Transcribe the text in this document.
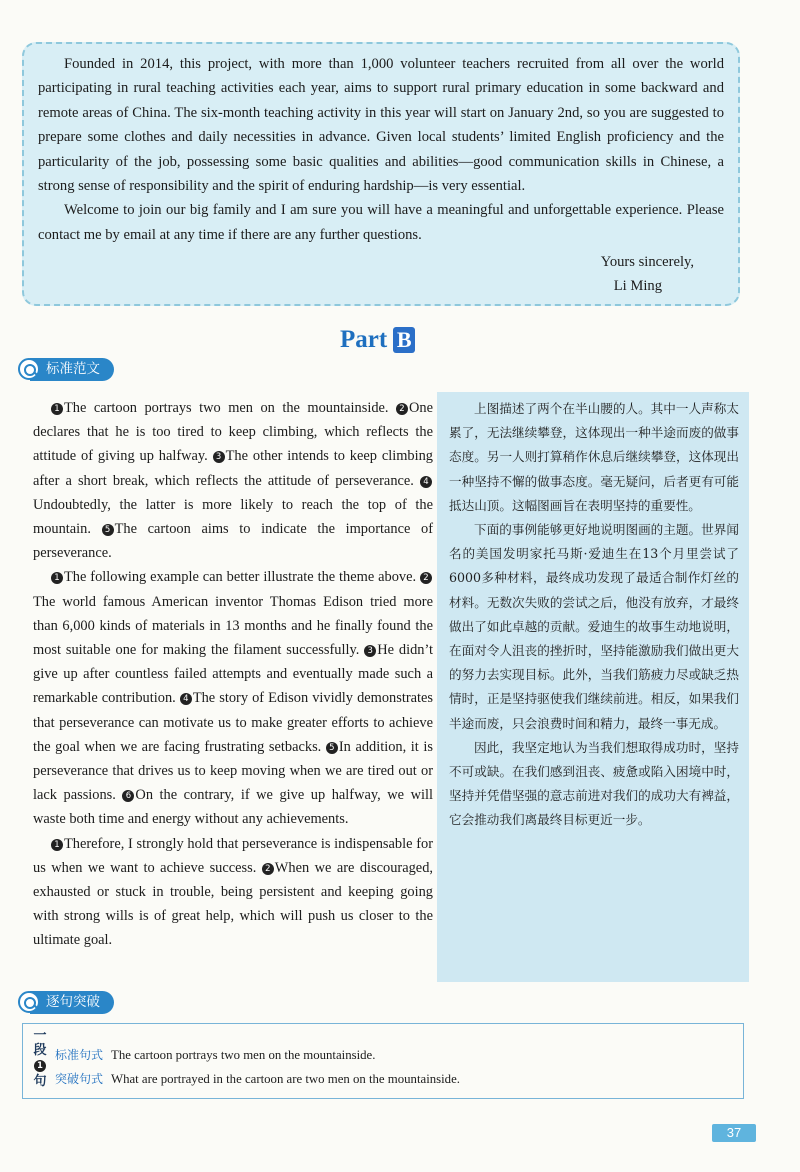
Founded in 2014, this project, with more than 1,000 volunteer teachers recruited from all over the world participating in rural teaching activities each year, aims to support rural primary education in some backward and remote areas of China. The six-month teaching activity in this year will start on January 2nd, so you are suggested to prepare some clothes and daily necessities in advance. Given local students’ limited English proficiency and the particularity of the job, possessing some basic qualities and abilities—good communication skills in Chinese, a strong sense of responsibility and the spirit of enduring hardship—is very essential.

Welcome to join our big family and I am sure you will have a meaningful and unforgettable experience. Please contact me by email at any time if there are any further questions.

Yours sincerely,
Li Ming
Part B
标准范文

1 The cartoon portrays two men on the mountainside. 2 One declares that he is too tired to keep climbing, which reflects the attitude of giving up halfway. 3 The other intends to keep climbing after a short break, which reflects the attitude of perseverance. 4Undoubtedly, the latter is more likely to reach the top of the mountain. 5 The cartoon aims to indicate the importance of perseverance.

1 The following example can better illustrate the theme above. 2The world famous American inventor Thomas Edison tried more than 6,000 kinds of materials in 13 months and he finally found the most suitable one for making the filament successfully. 3 He didn’t give up after countless failed attempts and eventually made such a remarkable contribution. 4 The story of Edison vividly demonstrates that perseverance can motivate us to make greater efforts to achieve the goal when we are facing frustrating setbacks. 5 In addition, it is perseverance that drives us to keep moving when we are tired out or lack passions. 6 On the contrary, if we give up halfway, we will waste both time and energy without any achievements.

1 Therefore, I strongly hold that perseverance is indispensable for us when we want to achieve success. 2 When we are discouraged, exhausted or stuck in trouble, being persistent and keeping going with strong wills is of great help, which will push us closer to the ultimate goal.

上图描述了两个在半山腰的人。其中一人声称太累了，无法继续攀登，这体现出一种半途而废的做事态度。另一人则打算稍作休息后继续攀登，这体现出一种坚持不懈的做事态度。毫无疑问，后者更有可能抵达山顶。这幅图画旨在表明坚持的重要性。

下面的事例能够更好地说明图画的主题。世界闻名的美国发明家托马斯·爱迪生在13个月里尝试了6000多种材料，最终成功发现了最适合制作灯丝的材料。无数次失败的尝试之后，他没有放弃，才最终做出了如此卓越的贡献。爱迪生的故事生动地说明，在面对令人沮丧的挫折时，坚持能激励我们做出更大的努力去实现目标。此外，当我们筋疲力尽或缺乏热情时，正是坚持驱使我们继续前进。相反，如果我们半途而废，只会浪费时间和精力，最终一事无成。

因此，我坚定地认为当我们想取得成功时，坚持不可或缺。在我们感到沮丧、疲惫或陷入困境中时，坚持并凭借坚强的意志前进对我们的成功大有裨益，它会推动我们离最终目标更近一步。

逐句突破
一
段
1
句
标准句式 The cartoon portrays two men on the mountainside.
突破句式 What are portrayed in the cartoon are two men on the mountainside.
37
